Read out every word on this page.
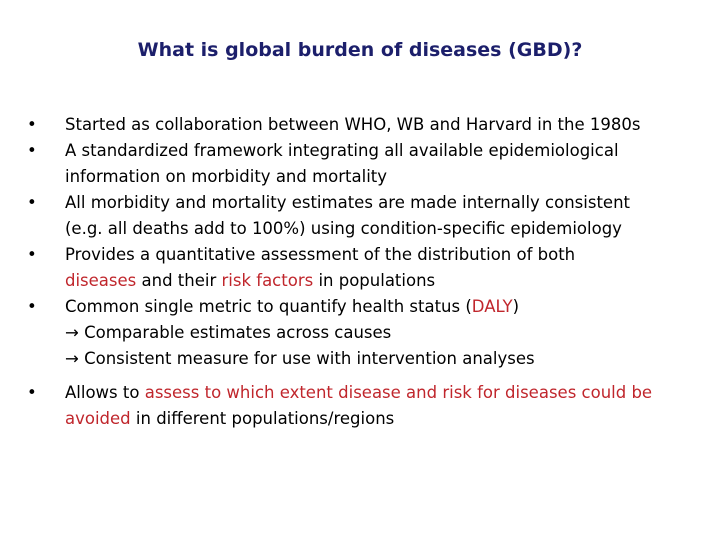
What is global burden of diseases (GBD)?
•	Started as collaboration between WHO, WB and Harvard in the 1980s
•	A standardized framework integrating all available epidemiological
information on morbidity and mortality
•	All morbidity and mortality estimates are made internally consistent
(e.g. all deaths add to 100%) using condition-specific epidemiology
•	Provides a quantitative assessment of the distribution of both
diseases and their risk factors in populations
•	Common single metric to quantify health status (DALY)
→ Comparable estimates across causes
→ Consistent measure for use with intervention analyses
•	Allows to assess to which extent disease and risk for diseases could be
avoided in different populations/regions
